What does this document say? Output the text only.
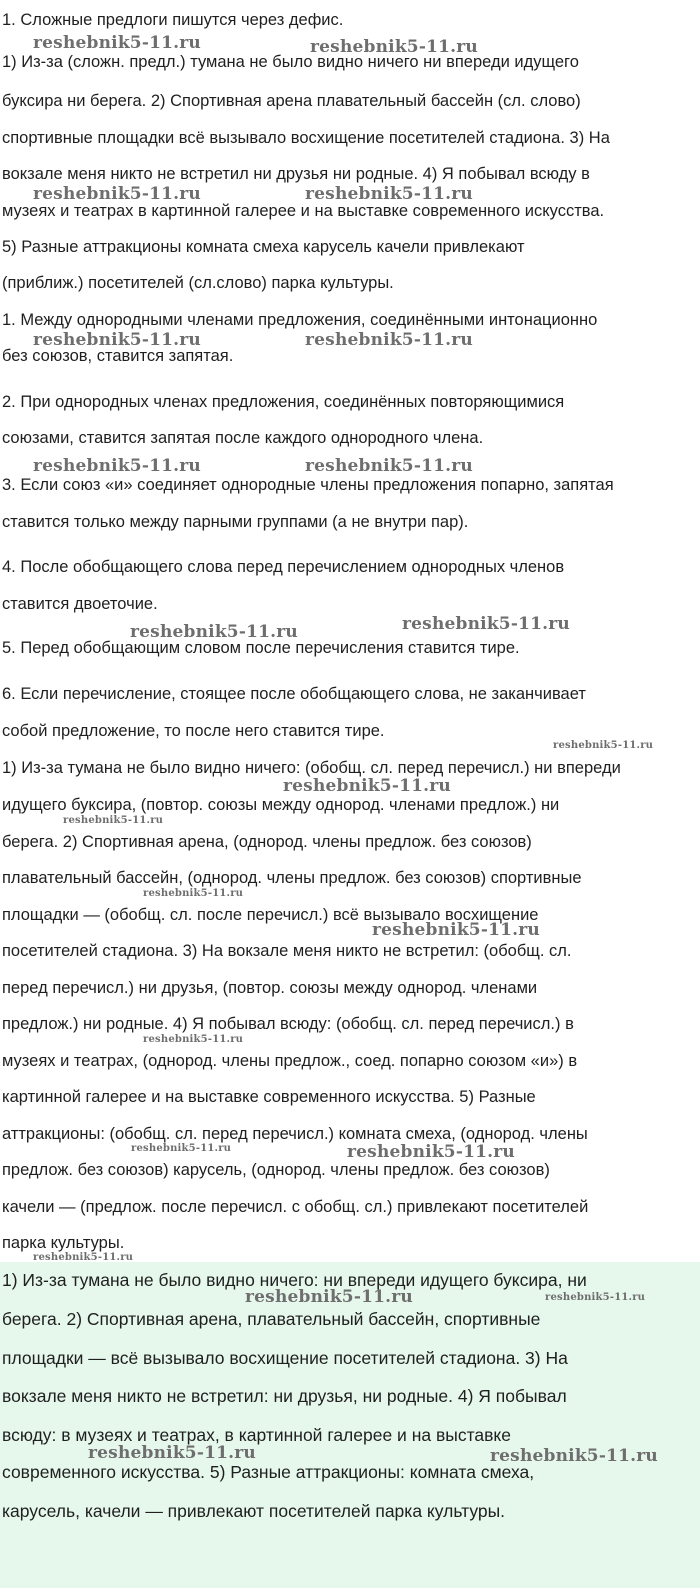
1. Сложные предлоги пишутся через дефис.
1) Из-за (сложн. предл.) тумана не было видно ничего ни впереди идущего
буксира ни берега. 2) Спортивная арена плавательный бассейн (сл. слово)
спортивные площадки всё вызывало восхищение посетителей стадиона. 3) На
вокзале меня никто не встретил ни друзья ни родные. 4) Я побывал всюду в
музеях и театрах в картинной галерее и на выставке современного искусства.
5) Разные аттракционы комната смеха карусель качели привлекают
(приближ.) посетителей (сл.слово) парка культуры.
1. Между однородными членами предложения, соединёнными интонационно
без союзов, ставится запятая.
2. При однородных членах предложения, соединённых повторяющимися
союзами, ставится запятая после каждого однородного члена.
3. Если союз «и» соединяет однородные члены предложения попарно, запятая
ставится только между парными группами (а не внутри пар).
4. После обобщающего слова перед перечислением однородных членов
ставится двоеточие.
5. Перед обобщающим словом после перечисления ставится тире.
6. Если перечисление, стоящее после обобщающего слова, не заканчивает
собой предложение, то после него ставится тире.
1) Из-за тумана не было видно ничего: (обобщ. сл. перед перечисл.) ни впереди
идущего буксира, (повтор. союзы между однород. членами предлож.) ни
берега. 2) Спортивная арена, (однород. члены предлож. без союзов)
плавательный бассейн, (однород. члены предлож. без союзов) спортивные
площадки — (обобщ. сл. после перечисл.) всё вызывало восхищение
посетителей стадиона. 3) На вокзале меня никто не встретил: (обобщ. сл.
перед перечисл.) ни друзья, (повтор. союзы между однород. членами
предлож.) ни родные. 4) Я побывал всюду: (обобщ. сл. перед перечисл.) в
музеях и театрах, (однород. члены предлож., соед. попарно союзом «и») в
картинной галерее и на выставке современного искусства. 5) Разные
аттракционы: (обобщ. сл. перед перечисл.) комната смеха, (однород. члены
предлож. без союзов) карусель, (однород. члены предлож. без союзов)
качели — (предлож. после перечисл. с обобщ. сл.) привлекают посетителей
парка культуры.
1) Из-за тумана не было видно ничего: ни впереди идущего буксира, ни
берега. 2) Спортивная арена, плавательный бассейн, спортивные
площадки — всё вызывало восхищение посетителей стадиона. 3) На
вокзале меня никто не встретил: ни друзья, ни родные. 4) Я побывал
всюду: в музеях и театрах, в картинной галерее и на выставке
современного искусства. 5) Разные аттракционы: комната смеха,
карусель, качели — привлекают посетителей парка культуры.
reshebnik5-11.ru	reshebnik5-11.ru
reshebnik5-11.ru	reshebnik5-11.ru
reshebnik5-11.ru	reshebnik5-11.ru
reshebnik5-11.ru	reshebnik5-11.ru
reshebnik5-11.ru	reshebnik5-11.ru
reshebnik5-11.ru
reshebnik5-11.ru
reshebnik5-11.ru
reshebnik5-11.ru
reshebnik5-11.ru
reshebnik5-11.ru
reshebnik5-11.ru	reshebnik5-11.ru
reshebnik5-11.ru
reshebnik5-11.ru	reshebnik5-11.ru
reshebnik5-11.ru	reshebnik5-11.ru
